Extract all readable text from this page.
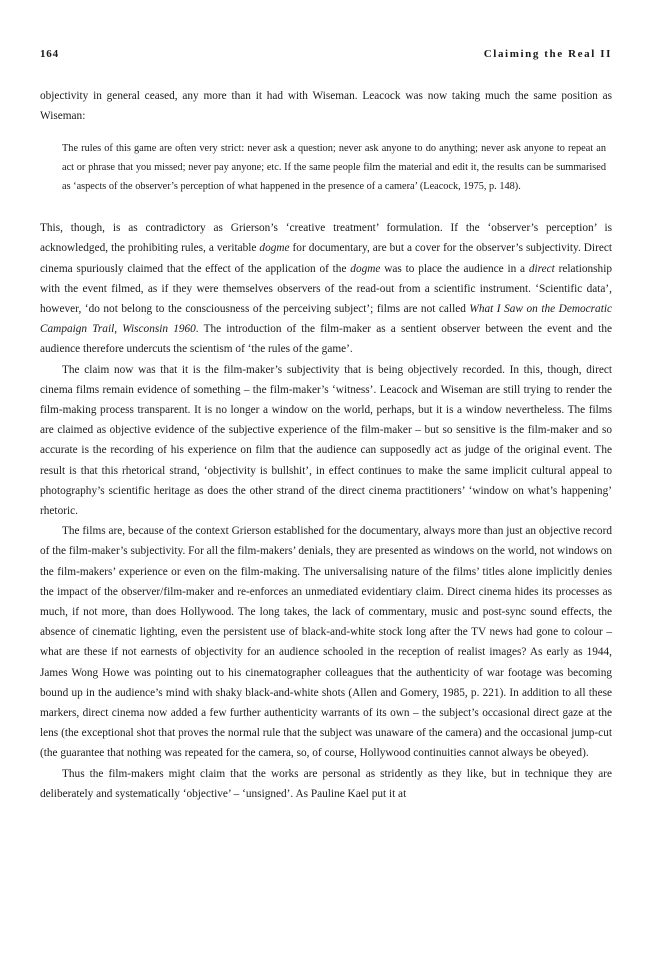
164	Claiming the Real II

objectivity in general ceased, any more than it had with Wiseman. Leacock was now taking much the same position as Wiseman:

The rules of this game are often very strict: never ask a question; never ask anyone to do anything; never ask anyone to repeat an act or phrase that you missed; never pay anyone; etc. If the same people film the material and edit it, the results can be summarised as ‘aspects of the observer’s perception of what happened in the presence of a camera’ (Leacock, 1975, p. 148).

This, though, is as contradictory as Grierson’s ‘creative treatment’ formulation. If the ‘observer’s perception’ is acknowledged, the prohibiting rules, a veritable dogme for documentary, are but a cover for the observer’s subjectivity. Direct cinema spuriously claimed that the effect of the application of the dogme was to place the audience in a direct relationship with the event filmed, as if they were themselves observers of the read-out from a scientific instrument. ‘Scientific data’, however, ‘do not belong to the consciousness of the perceiving subject’; films are not called What I Saw on the Democratic Campaign Trail, Wisconsin 1960. The introduction of the film-maker as a sentient observer between the event and the audience therefore undercuts the scientism of ‘the rules of the game’.

The claim now was that it is the film-maker’s subjectivity that is being objectively recorded. In this, though, direct cinema films remain evidence of something – the film-maker’s ‘witness’. Leacock and Wiseman are still trying to render the film-making process transparent. It is no longer a window on the world, perhaps, but it is a window nevertheless. The films are claimed as objective evidence of the subjective experience of the film-maker – but so sensitive is the film-maker and so accurate is the recording of his experience on film that the audience can supposedly act as judge of the original event. The result is that this rhetorical strand, ‘objectivity is bullshit’, in effect continues to make the same implicit cultural appeal to photography’s scientific heritage as does the other strand of the direct cinema practitioners’ ‘window on what’s happening’ rhetoric.

The films are, because of the context Grierson established for the documentary, always more than just an objective record of the film-maker’s subjectivity. For all the film-makers’ denials, they are presented as windows on the world, not windows on the film-makers’ experience or even on the film-making. The universalising nature of the films’ titles alone implicitly denies the impact of the observer/film-maker and re-enforces an unmediated evidentiary claim. Direct cinema hides its processes as much, if not more, than does Hollywood. The long takes, the lack of commentary, music and post-sync sound effects, the absence of cinematic lighting, even the persistent use of black-and-white stock long after the TV news had gone to colour – what are these if not earnests of objectivity for an audience schooled in the reception of realist images? As early as 1944, James Wong Howe was pointing out to his cinematographer colleagues that the authenticity of war footage was becoming bound up in the audience’s mind with shaky black-and-white shots (Allen and Gomery, 1985, p. 221). In addition to all these markers, direct cinema now added a few further authenticity warrants of its own – the subject’s occasional direct gaze at the lens (the exceptional shot that proves the normal rule that the subject was unaware of the camera) and the occasional jump-cut (the guarantee that nothing was repeated for the camera, so, of course, Hollywood continuities cannot always be obeyed).

Thus the film-makers might claim that the works are personal as stridently as they like, but in technique they are deliberately and systematically ‘objective’ – ‘unsigned’. As Pauline Kael put it at
